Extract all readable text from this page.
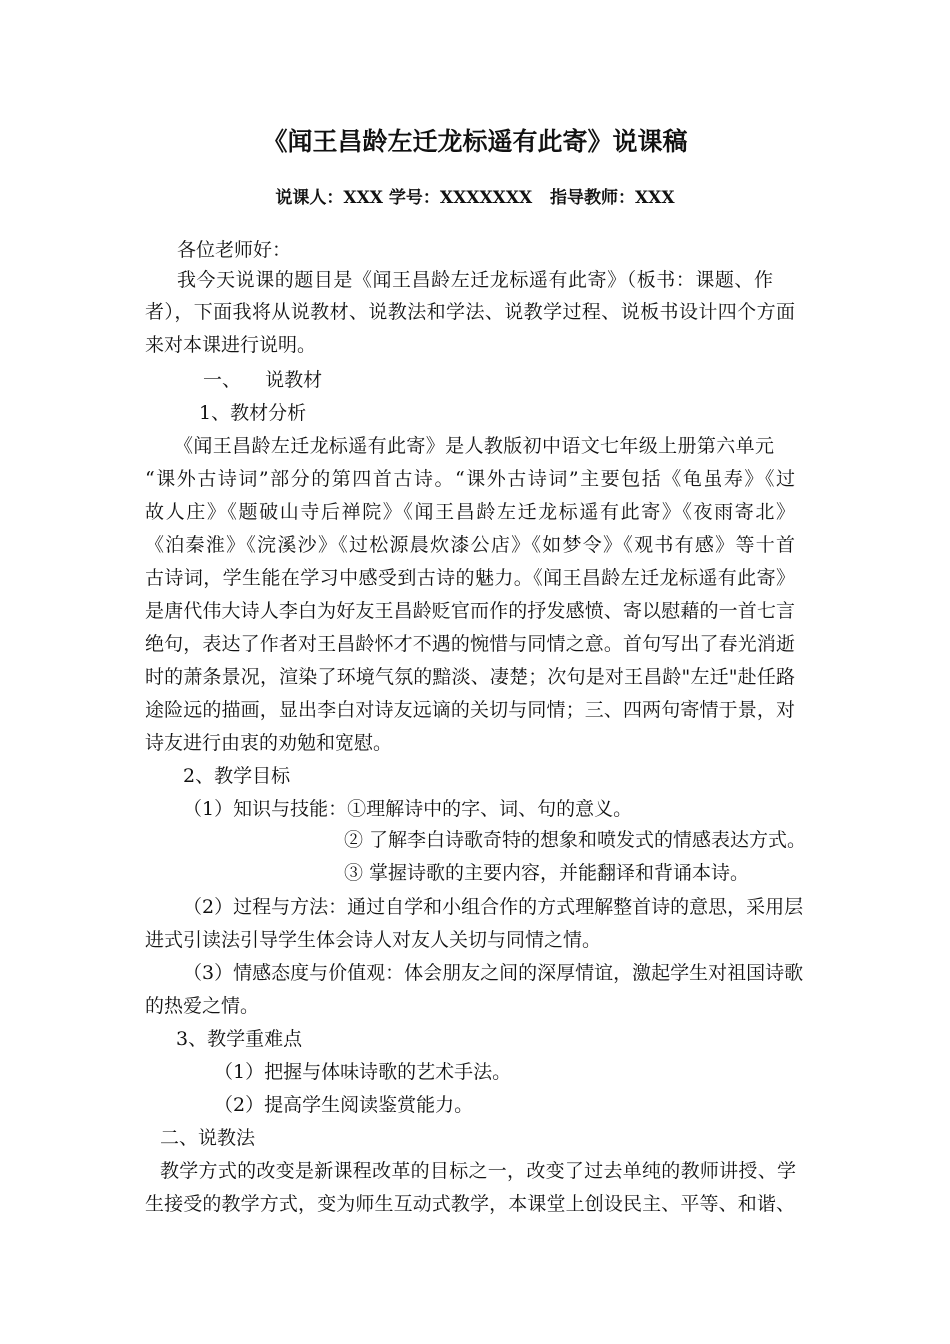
《闻王昌龄左迁龙标遥有此寄》说课稿
说课人：XXX 学号：XXXXXXX   指导教师：XXX
各位老师好：
我今天说课的题目是《闻王昌龄左迁龙标遥有此寄》（板书：课题、作
者），下面我将从说教材、说教法和学法、说教学过程、说板书设计四个方面
来对本课进行说明。
一、    说教材
1、教材分析
《闻王昌龄左迁龙标遥有此寄》是人教版初中语文七年级上册第六单元
“课外古诗词”部分的第四首古诗。“课外古诗词”主要包括《龟虽寿》《过
故人庄》《题破山寺后禅院》《闻王昌龄左迁龙标遥有此寄》《夜雨寄北》
《泊秦淮》《浣溪沙》《过松源晨炊漆公店》《如梦令》《观书有感》等十首
古诗词，学生能在学习中感受到古诗的魅力。《闻王昌龄左迁龙标遥有此寄》
是唐代伟大诗人李白为好友王昌龄贬官而作的抒发感愤、寄以慰藉的一首七言
绝句，表达了作者对王昌龄怀才不遇的惋惜与同情之意。首句写出了春光消逝
时的萧条景况，渲染了环境气氛的黯淡、凄楚；次句是对王昌龄"左迁"赴任路
途险远的描画，显出李白对诗友远谪的关切与同情；三、四两句寄情于景，对
诗友进行由衷的劝勉和宽慰。
2、教学目标
（1）知识与技能：①理解诗中的字、词、句的意义。
② 了解李白诗歌奇特的想象和喷发式的情感表达方式。
③ 掌握诗歌的主要内容，并能翻译和背诵本诗。
（2）过程与方法：通过自学和小组合作的方式理解整首诗的意思，采用层
进式引读法引导学生体会诗人对友人关切与同情之情。
（3）情感态度与价值观：体会朋友之间的深厚情谊，激起学生对祖国诗歌
的热爱之情。
3、教学重难点
（1）把握与体味诗歌的艺术手法。
（2）提高学生阅读鉴赏能力。
二、说教法
教学方式的改变是新课程改革的目标之一，改变了过去单纯的教师讲授、学
生接受的教学方式，变为师生互动式教学，本课堂上创设民主、平等、和谐、
